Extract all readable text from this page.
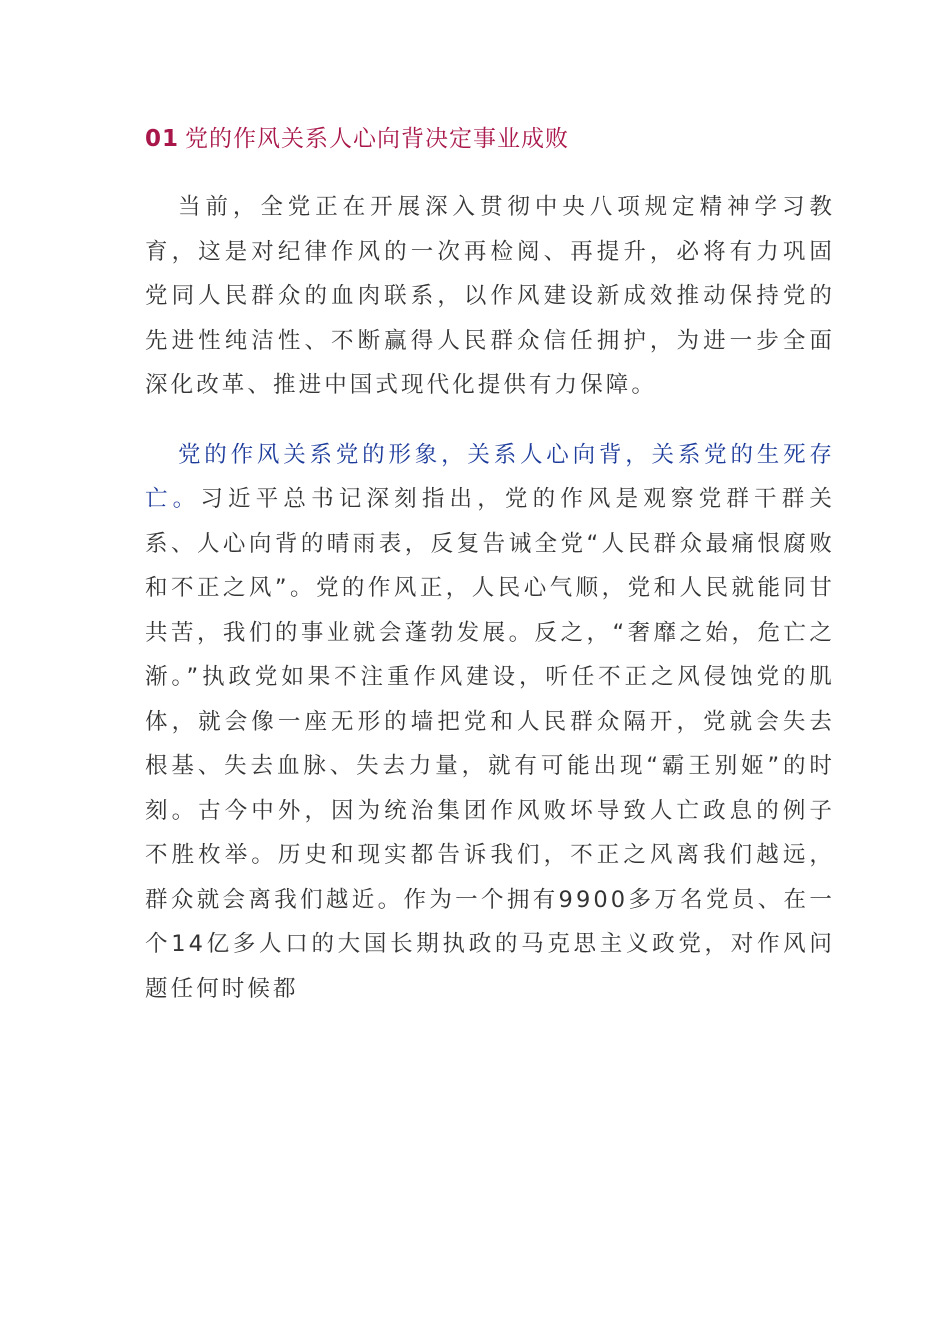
01 党的作风关系人心向背决定事业成败

当前，全党正在开展深入贯彻中央八项规定精神学习教育，这是对纪律作风的一次再检阅、再提升，必将有力巩固党同人民群众的血肉联系，以作风建设新成效推动保持党的先进性纯洁性、不断赢得人民群众信任拥护，为进一步全面深化改革、推进中国式现代化提供有力保障。

党的作风关系党的形象，关系人心向背，关系党的生死存亡。习近平总书记深刻指出，党的作风是观察党群干群关系、人心向背的晴雨表，反复告诫全党“人民群众最痛恨腐败和不正之风”。党的作风正，人民心气顺，党和人民就能同甘共苦，我们的事业就会蓬勃发展。反之，“奢靡之始，危亡之渐。”执政党如果不注重作风建设，听任不正之风侵蚀党的肌体，就会像一座无形的墙把党和人民群众隔开，党就会失去根基、失去血脉、失去力量，就有可能出现“霸王别姬”的时刻。古今中外，因为统治集团作风败坏导致人亡政息的例子不胜枚举。历史和现实都告诉我们，不正之风离我们越远，群众就会离我们越近。作为一个拥有9900多万名党员、在一个14亿多人口的大国长期执政的马克思主义政党，对作风问题任何时候都
